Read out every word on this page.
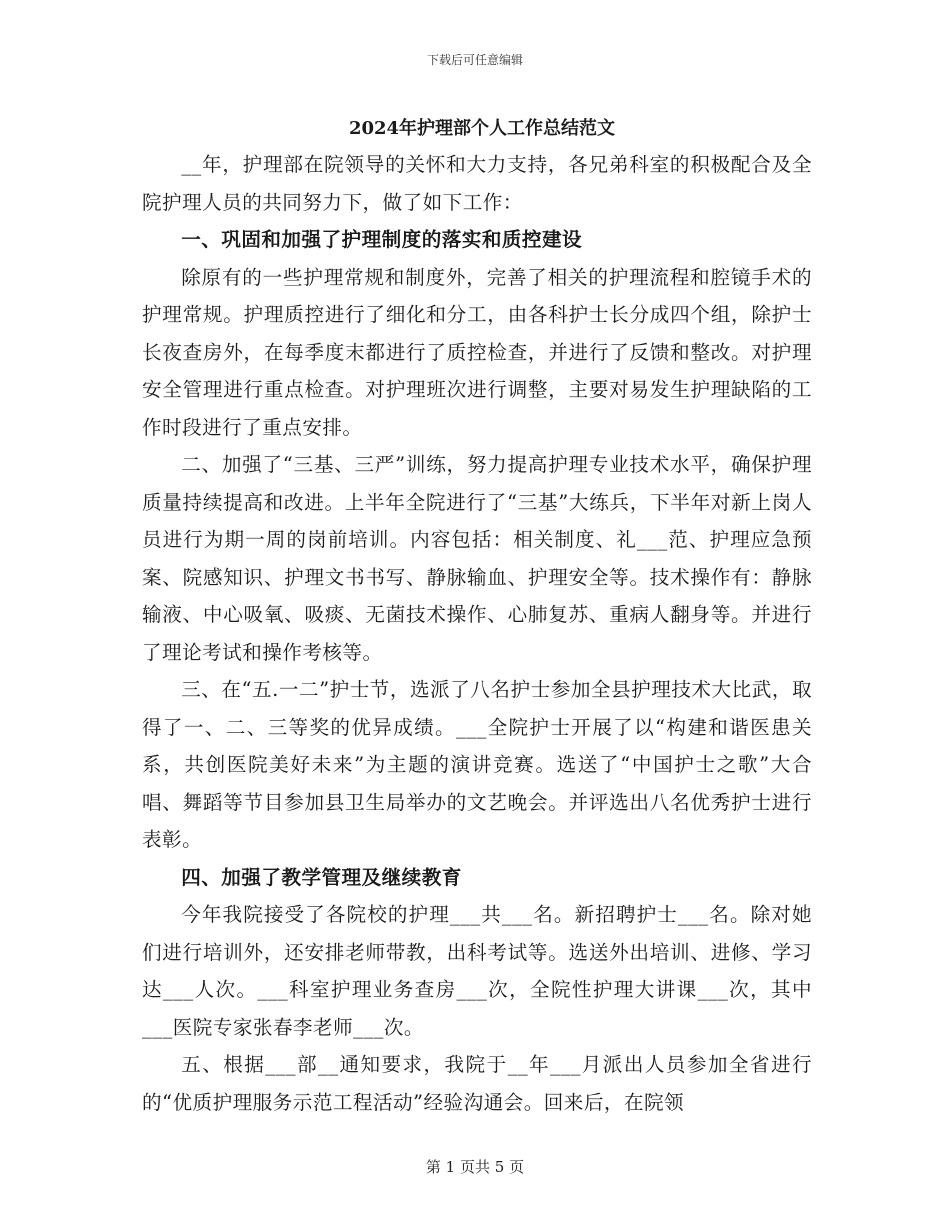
下载后可任意编辑

2024年护理部个人工作总结范文

__年，护理部在院领导的关怀和大力支持，各兄弟科室的积极配合及全院护理人员的共同努力下，做了如下工作：

一、巩固和加强了护理制度的落实和质控建设

除原有的一些护理常规和制度外，完善了相关的护理流程和腔镜手术的护理常规。护理质控进行了细化和分工，由各科护士长分成四个组，除护士长夜查房外，在每季度末都进行了质控检查，并进行了反馈和整改。对护理安全管理进行重点检查。对护理班次进行调整，主要对易发生护理缺陷的工作时段进行了重点安排。

二、加强了“三基、三严”训练，努力提高护理专业技术水平，确保护理质量持续提高和改进。上半年全院进行了“三基”大练兵，下半年对新上岗人员进行为期一周的岗前培训。内容包括：相关制度、礼___范、护理应急预案、院感知识、护理文书书写、静脉输血、护理安全等。技术操作有：静脉输液、中心吸氧、吸痰、无菌技术操作、心肺复苏、重病人翻身等。并进行了理论考试和操作考核等。

三、在“五.一二”护士节，选派了八名护士参加全县护理技术大比武，取得了一、二、三等奖的优异成绩。___全院护士开展了以“构建和谐医患关系，共创医院美好未来”为主题的演讲竞赛。选送了“中国护士之歌”大合唱、舞蹈等节目参加县卫生局举办的文艺晚会。并评选出八名优秀护士进行表彰。

四、加强了教学管理及继续教育

今年我院接受了各院校的护理___共___名。新招聘护士___名。除对她们进行培训外，还安排老师带教，出科考试等。选送外出培训、进修、学习达___人次。___科室护理业务查房___次，全院性护理大讲课___次，其中___医院专家张春李老师___次。

五、根据___部__通知要求，我院于__年___月派出人员参加全省进行的“优质护理服务示范工程活动”经验沟通会。回来后，在院领

第 1 页共 5 页
